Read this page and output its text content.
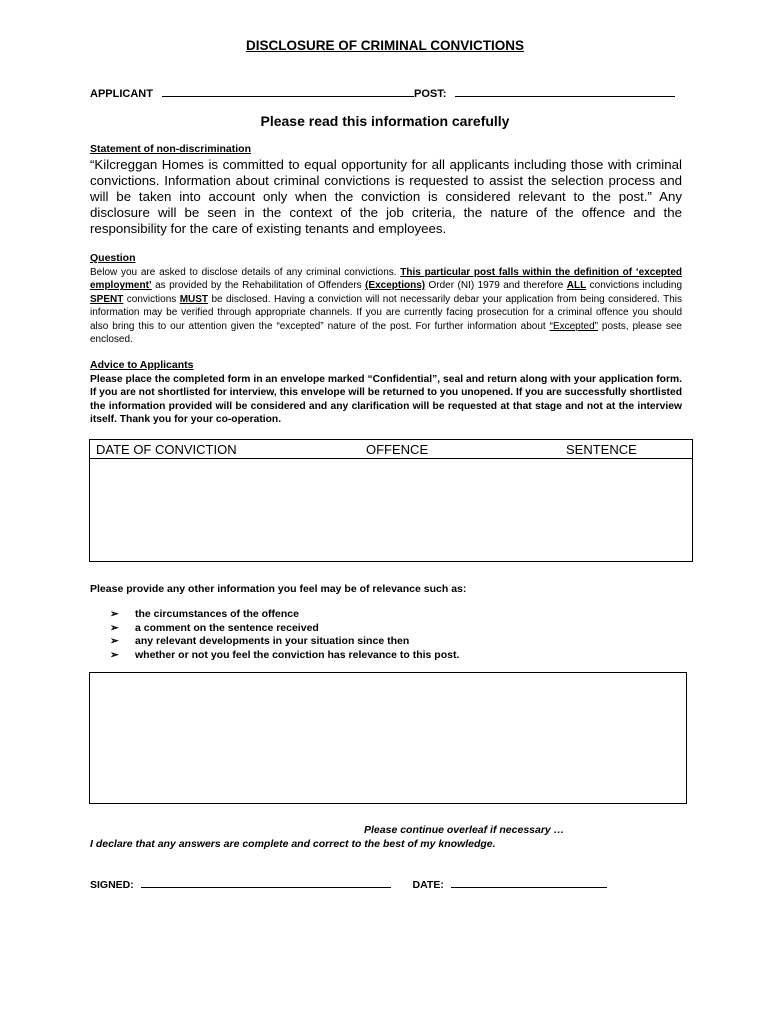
DISCLOSURE OF CRIMINAL CONVICTIONS
APPLICANT	POST:
Please read this information carefully
Statement of non-discrimination
“Kilcreggan Homes is committed to equal opportunity for all applicants including those with criminal convictions. Information about criminal convictions is requested to assist the selection process and will be taken into account only when the conviction is considered relevant to the post.” Any disclosure will be seen in the context of the job criteria, the nature of the offence and the responsibility for the care of existing tenants and employees.
Question
Below you are asked to disclose details of any criminal convictions. This particular post falls within the definition of ‘excepted employment’ as provided by the Rehabilitation of Offenders (Exceptions) Order (NI) 1979 and therefore ALL convictions including SPENT convictions MUST be disclosed. Having a conviction will not necessarily debar your application from being considered. This information may be verified through appropriate channels. If you are currently facing prosecution for a criminal offence you should also bring this to our attention given the “excepted” nature of the post. For further information about “Excepted” posts, please see enclosed.
Advice to Applicants
Please place the completed form in an envelope marked “Confidential”, seal and return along with your application form. If you are not shortlisted for interview, this envelope will be returned to you unopened. If you are successfully shortlisted the information provided will be considered and any clarification will be requested at that stage and not at the interview itself. Thank you for your co-operation.
DATE OF CONVICTION	OFFENCE	SENTENCE
Please provide any other information you feel may be of relevance such as:
➢ the circumstances of the offence
➢ a comment on the sentence received
➢ any relevant developments in your situation since then
➢ whether or not you feel the conviction has relevance to this post.
Please continue overleaf if necessary …
I declare that any answers are complete and correct to the best of my knowledge.
SIGNED:	DATE:
